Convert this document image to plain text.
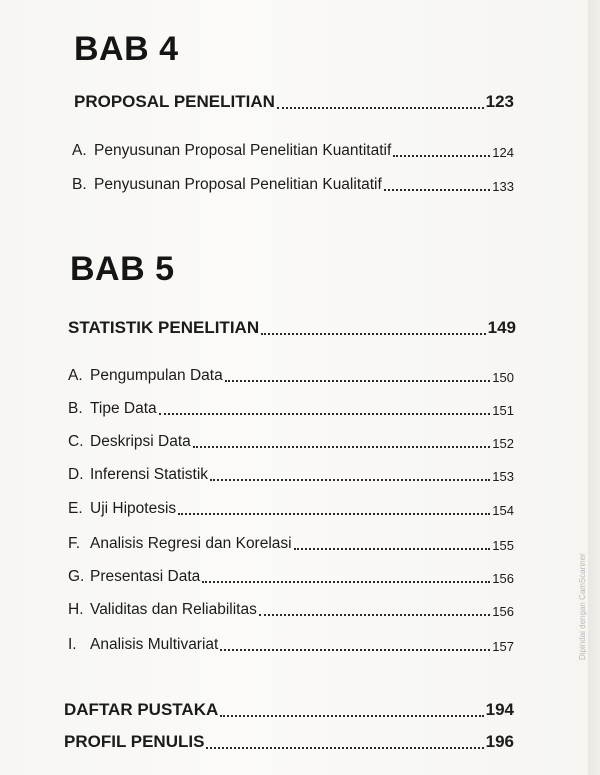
BAB 4
PROPOSAL PENELITIAN	123
A. Penyusunan Proposal Penelitian Kuantitatif	124
B. Penyusunan Proposal Penelitian Kualitatif	133
BAB 5
STATISTIK PENELITIAN	149
A. Pengumpulan Data	150
B. Tipe Data	151
C. Deskripsi Data	152
D. Inferensi Statistik	153
E. Uji Hipotesis	154
F. Analisis Regresi dan Korelasi	155
G. Presentasi Data	156
H. Validitas dan Reliabilitas	156
I. Analisis Multivariat	157
DAFTAR PUSTAKA	194
PROFIL PENULIS	196
Dipindai dengan CamScanner
